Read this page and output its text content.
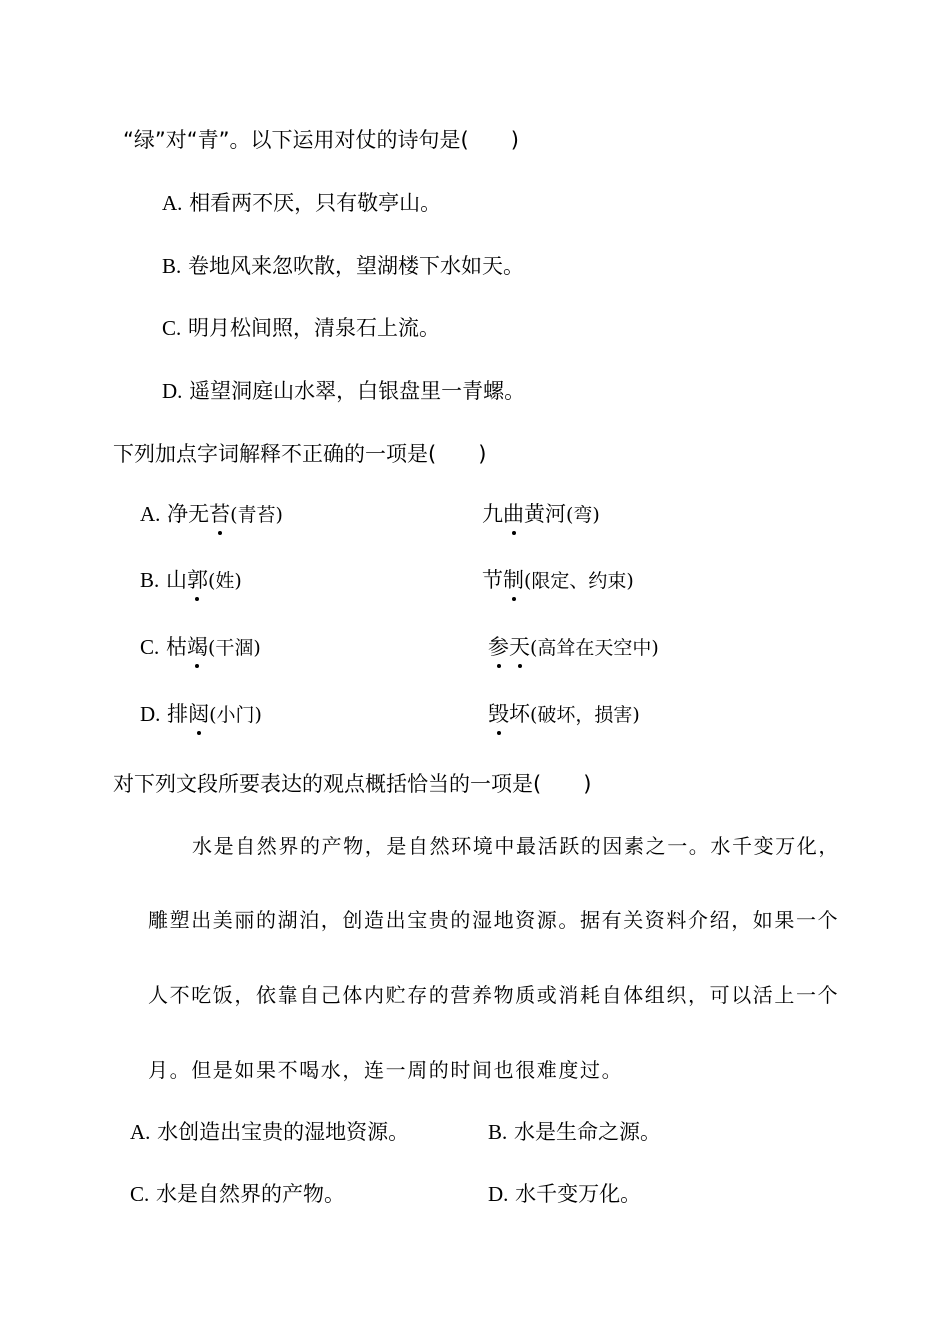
“绿”对“青”。以下运用对仗的诗句是(　　)
A. 相看两不厌，只有敬亭山。
B. 卷地风来忽吹散，望湖楼下水如天。
C. 明月松间照，清泉石上流。
D. 遥望洞庭山水翠，白银盘里一青螺。
下列加点字词解释不正确的一项是(　　)
A. 净无苔(青苔)	九曲黄河(弯)
B. 山郭(姓)	节制(限定、约束)
C. 枯竭(干涸)	参天(高耸在天空中)
D. 排闼(小门)	毁坏(破坏，损害)
对下列文段所要表达的观点概括恰当的一项是(　　)
水是自然界的产物，是自然环境中最活跃的因素之一。水千变万化，
雕塑出美丽的湖泊，创造出宝贵的湿地资源。据有关资料介绍，如果一个
人不吃饭，依靠自己体内贮存的营养物质或消耗自体组织，可以活上一个
月。但是如果不喝水，连一周的时间也很难度过。
A. 水创造出宝贵的湿地资源。	B. 水是生命之源。
C. 水是自然界的产物。	D. 水千变万化。
